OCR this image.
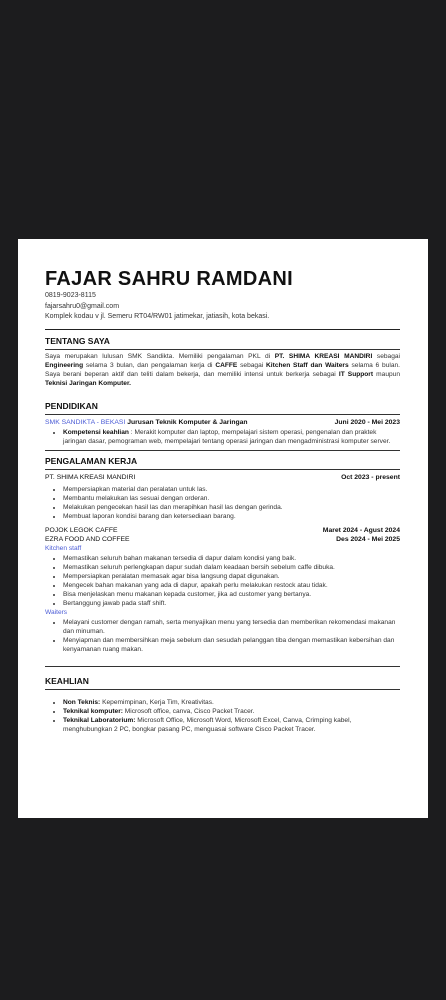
FAJAR SAHRU RAMDANI
0819-9023-8115
fajarsahru0@gmail.com
Komplek kodau v jl. Semeru RT04/RW01 jatimekar, jatiasih, kota bekasi.
TENTANG SAYA

Saya merupakan lulusan SMK Sandikta. Memiliki pengalaman PKL di PT. SHIMA KREASI MANDIRI sebagai Engineering selama 3 bulan, dan pengalaman kerja di CAFFE sebagai Kitchen Staff dan Waiters selama 6 bulan. Saya berani beperan aktif dan teliti dalam bekerja, dan memiliki intensi untuk berkerja sebagai IT Support maupun Teknisi Jaringan Komputer.

PENDIDIKAN
SMK SANDIKTA - BEKASI Jurusan Teknik Komputer & Jaringan	Juni 2020 - Mei 2023
• Kompetensi keahlian : Merakit komputer dan laptop, mempelajari sistem operasi, pengenalan dan praktek jaringan dasar, pemograman web, mempelajari tentang operasi jaringan dan mengadministrasi komputer server.
PENGALAMAN KERJA
PT. SHIMA KREASI MANDIRI	Oct 2023 - present
• Mempersiapkan material dan peralatan untuk las.
• Membantu melakukan las sesuai dengan orderan.
• Melakukan pengecekan hasil las dan merapihkan hasil las dengan gerinda.
• Membuat laporan kondisi barang dan ketersediaan barang.
POJOK LEGOK CAFFE	Maret 2024 - Agust 2024
EZRA FOOD AND COFFEE	Des 2024 - Mei 2025
Kitchen staff
• Memastikan seluruh bahan makanan tersedia di dapur dalam kondisi yang baik.
• Memastikan seluruh perlengkapan dapur sudah dalam keadaan bersih sebelum caffe dibuka.
• Mempersiapkan peralatan memasak agar bisa langsung dapat digunakan.
• Mengecek bahan makanan yang ada di dapur, apakah perlu melakukan restock atau tidak.
• Bisa menjelaskan menu makanan kepada customer, jika ad customer yang bertanya.
• Bertanggung jawab pada staff shift.
Waiters
• Melayani customer dengan ramah, serta menyajikan menu yang tersedia dan memberikan rekomendasi makanan dan minuman.
• Menyiapman dan membersihkan meja sebelum dan sesudah pelanggan tiba dengan memastikan kebersihan dan kenyamanan ruang makan.
KEAHLIAN
• Non Teknis: Kepemimpinan, Kerja Tim, Kreativitas.
• Teknikal komputer: Microsoft office, canva, Cisco Packet Tracer.
• Teknikal Laboratorium: Microsoft Office, Microsoft Word, Microsoft Excel, Canva, Crimping kabel, menghubungkan 2 PC, bongkar pasang PC, menguasai software Cisco Packet Tracer.
